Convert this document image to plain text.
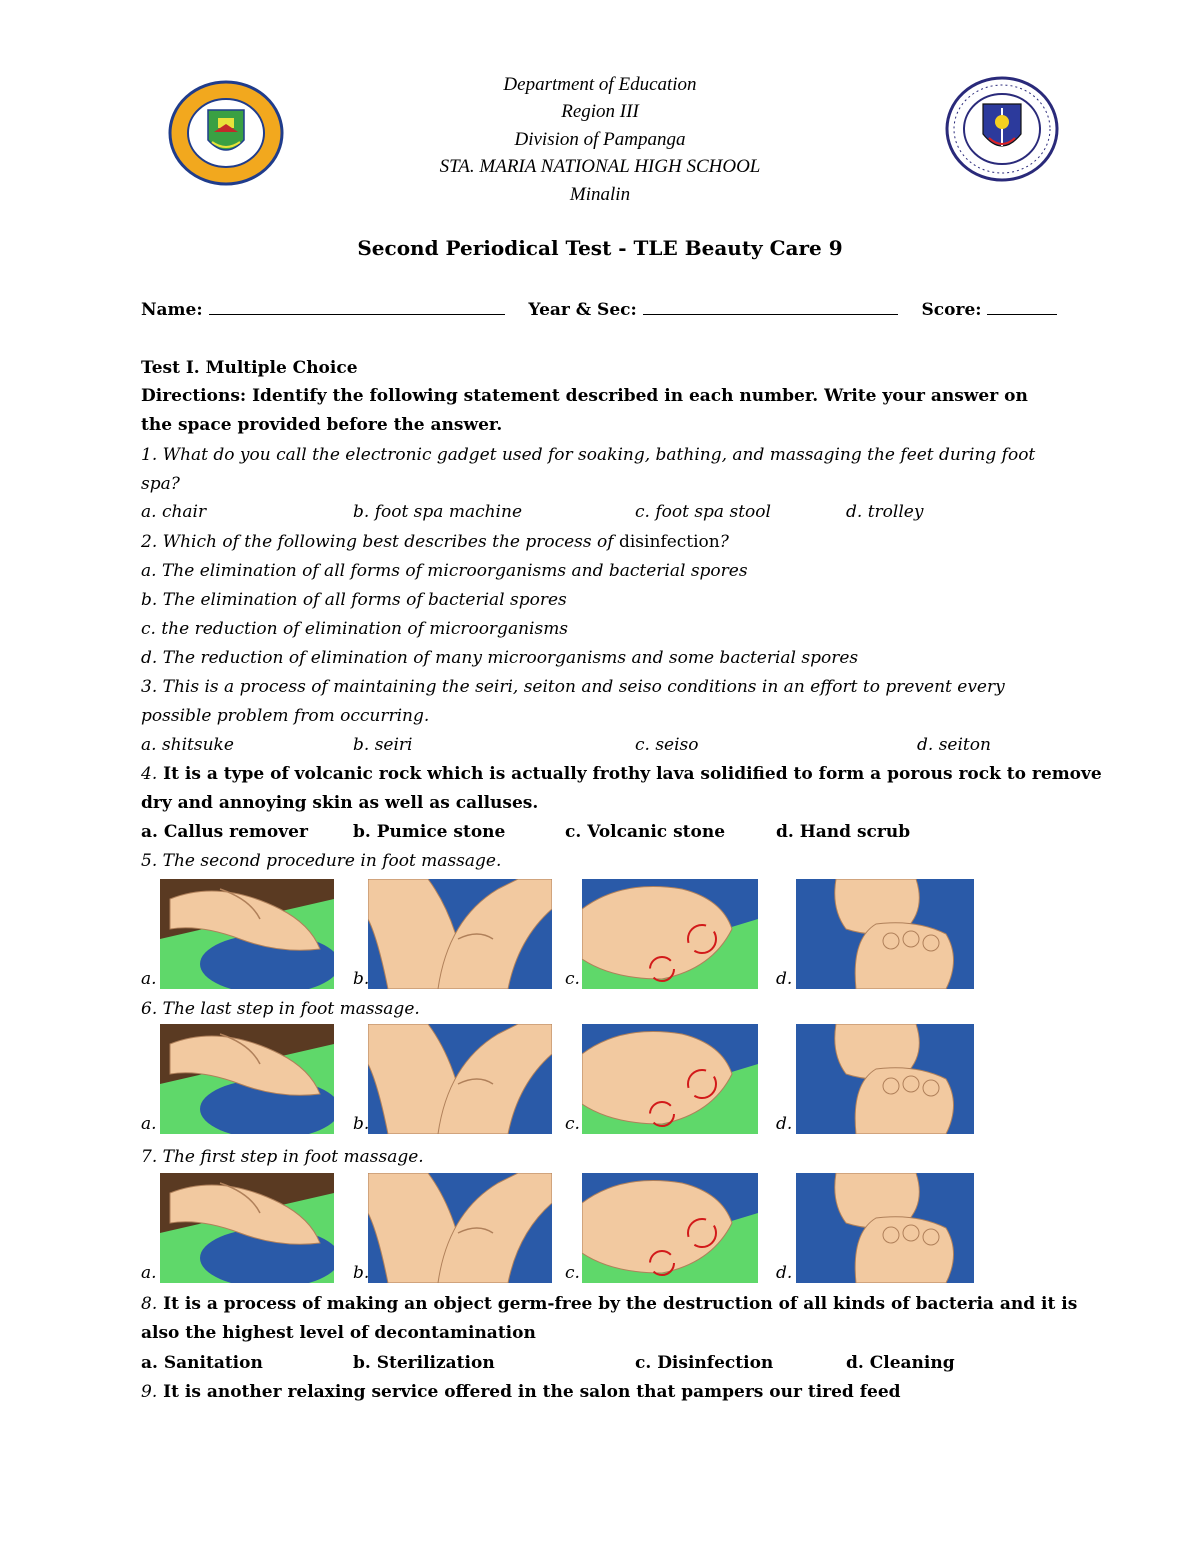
Department of Education
Region III
Division of Pampanga
STA. MARIA NATIONAL HIGH SCHOOL
Minalin
Second Periodical Test - TLE Beauty Care 9
Name:	Year & Sec:	Score:
Test I. Multiple Choice
Directions: Identify the following statement described in each number. Write your answer on
the space provided before the answer.
1. What do you call the electronic gadget used for soaking, bathing, and massaging the feet during foot
spa?
a. chair	b. foot spa machine	c. foot spa stool	d. trolley
2. Which of the following best describes the process of disinfection?
a. The elimination of all forms of microorganisms and bacterial spores
b. The elimination of all forms of bacterial spores
c. the reduction of elimination of microorganisms
d. The reduction of elimination of many microorganisms and some bacterial spores
3. This is a process of maintaining the seiri, seiton and seiso conditions in an effort to prevent every
possible problem from occurring.
a. shitsuke	b. seiri	c. seiso	d. seiton
4. It is a type of volcanic rock which is actually frothy lava solidified to form a porous rock to remove
dry and annoying skin as well as calluses.
a. Callus remover	b. Pumice stone	c. Volcanic stone	d. Hand scrub
5. The second procedure in foot massage.
a.	b.	c.	d.
6. The last step in foot massage.
a.	b.	c.	d.
7. The first step in foot massage.
a.	b.	c.	d.
8. It is a process of making an object germ-free by the destruction of all kinds of bacteria and it is
also the highest level of decontamination
a. Sanitation	b. Sterilization	c. Disinfection	d. Cleaning
9. It is another relaxing service offered in the salon that pampers our tired feed
